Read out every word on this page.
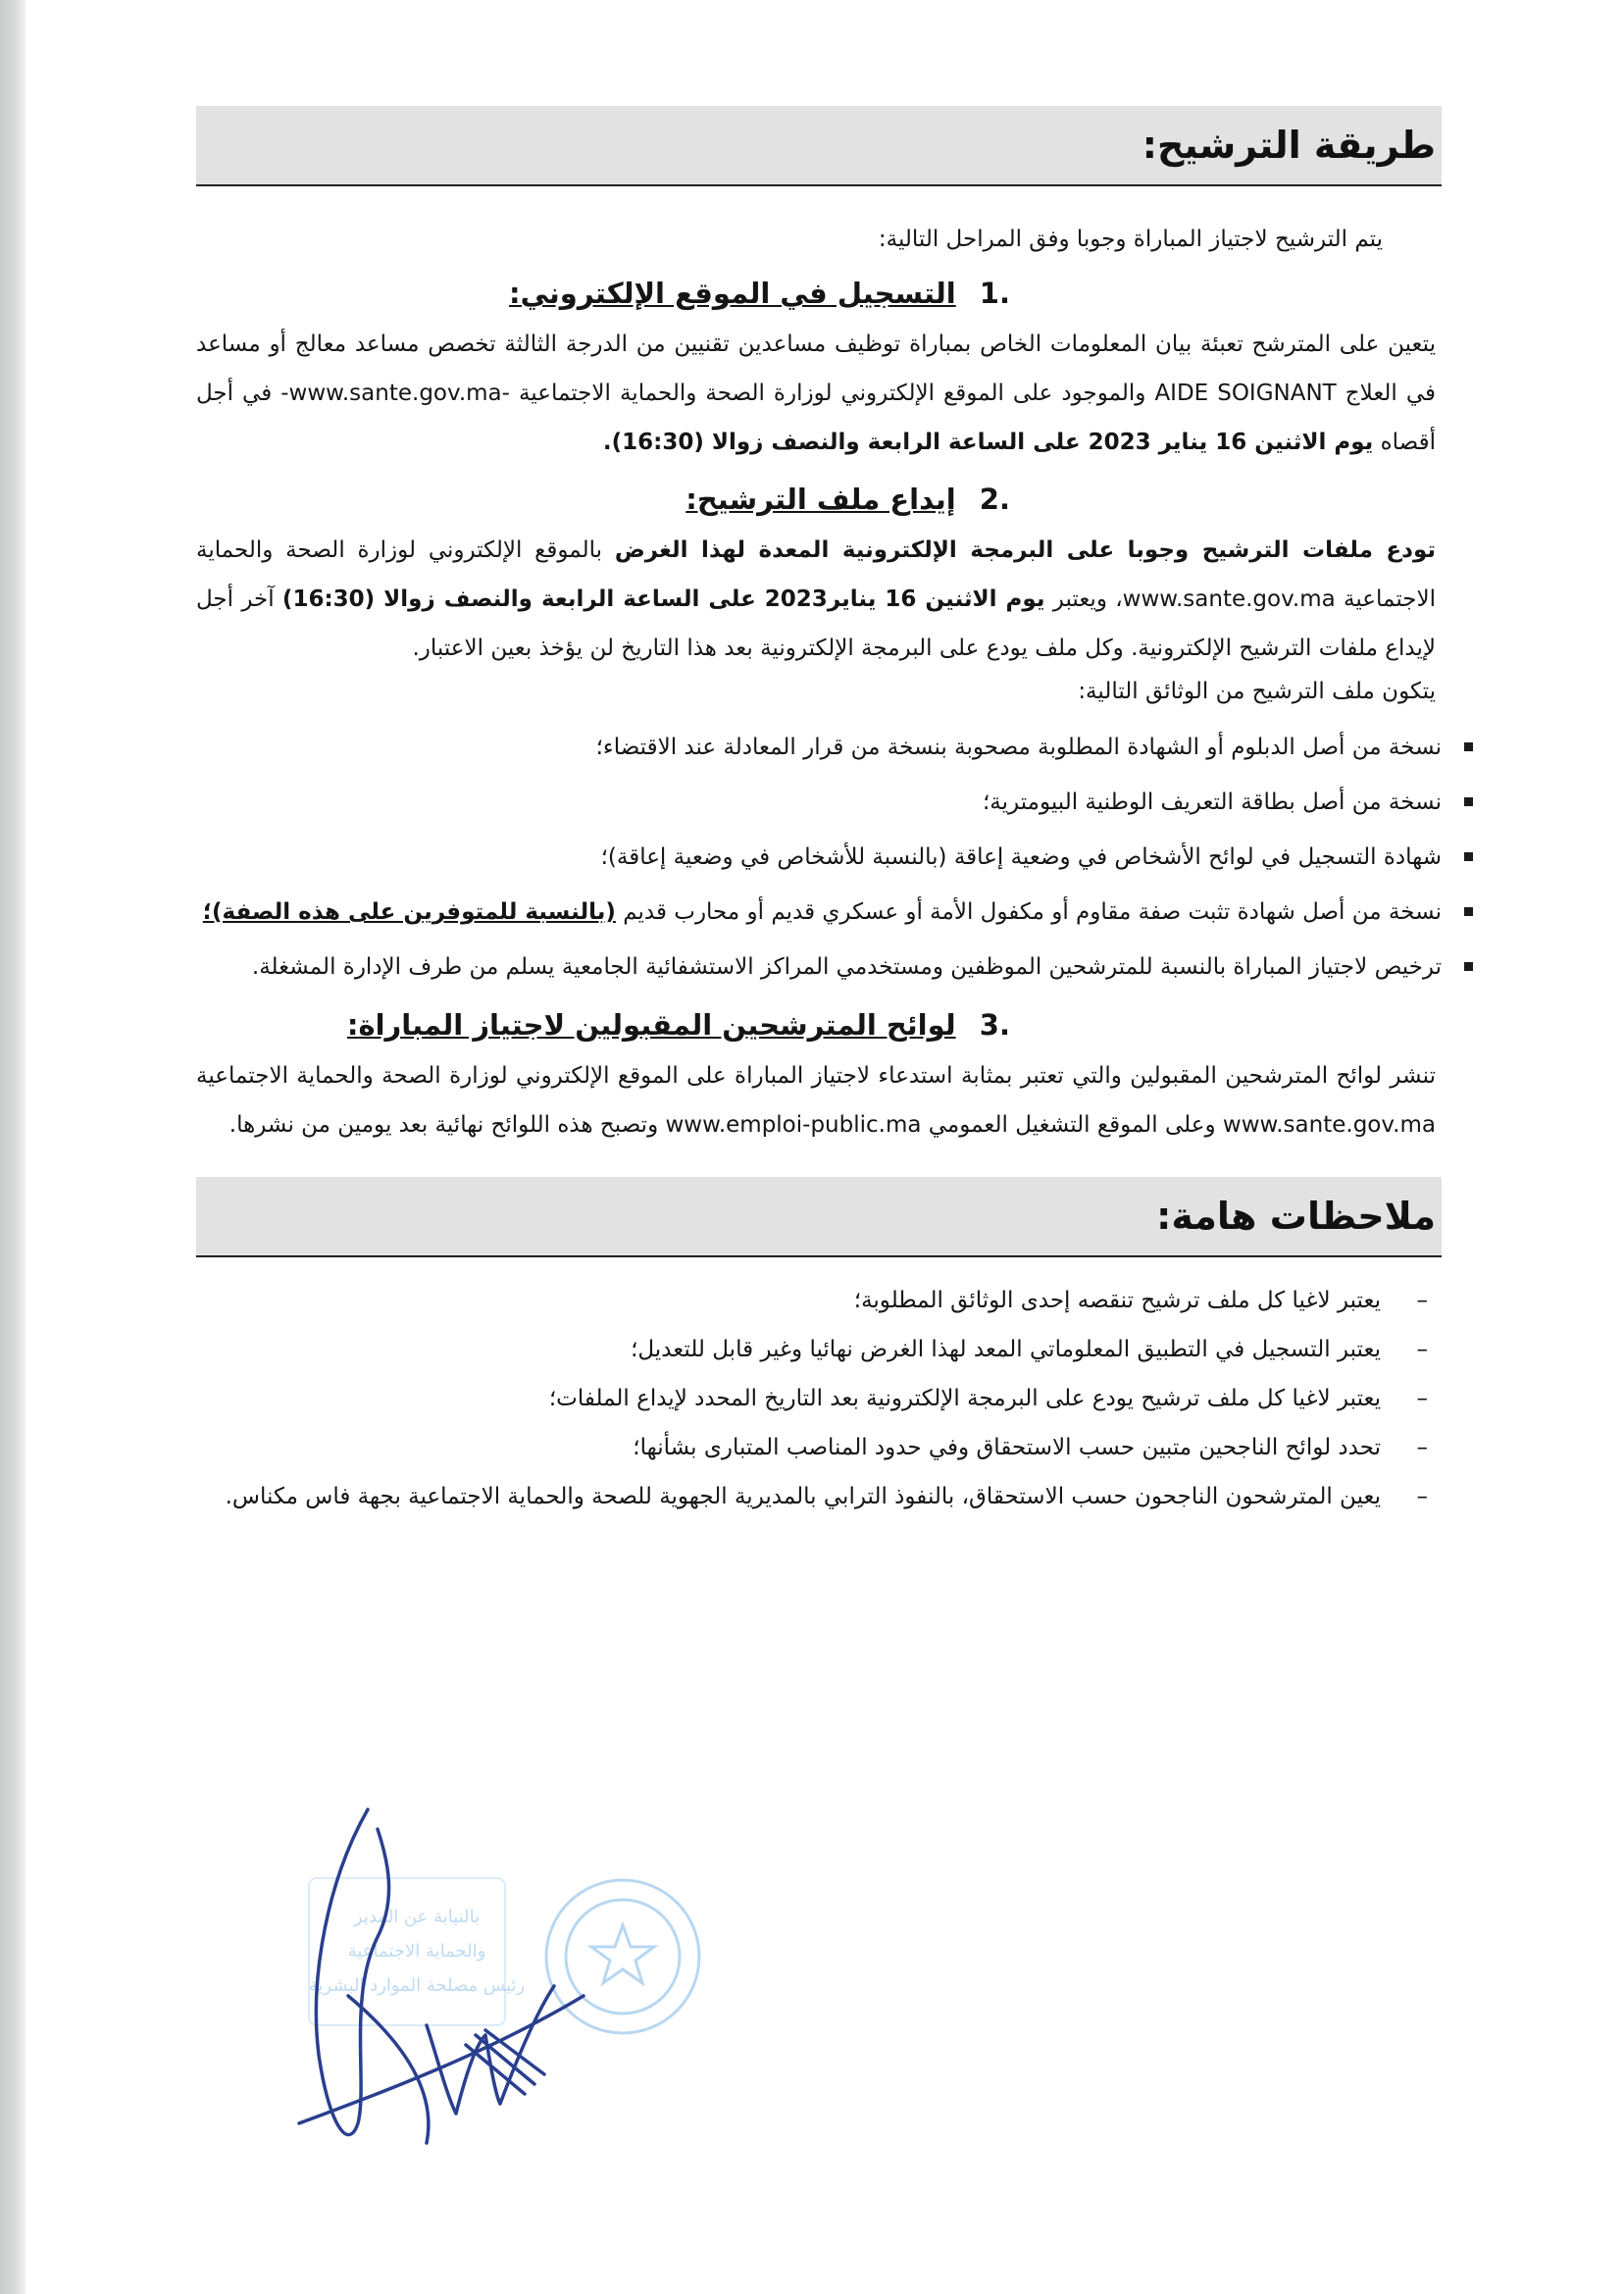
طريقة الترشيح:
يتم الترشيح لاجتياز المباراة وجوبا وفق المراحل التالية:
.1 التسجيل في الموقع الإلكتروني:

يتعين على المترشح تعبئة بيان المعلومات الخاص بمباراة توظيف مساعدين تقنيين من الدرجة الثالثة تخصص مساعد معالج أو مساعد في العلاج AIDE SOIGNANT والموجود على الموقع الإلكتروني لوزارة الصحة والحماية الاجتماعية -www.sante.gov.ma- في أجل أقصاه يوم الاثنين 16 يناير 2023 على الساعة الرابعة والنصف زوالا (16:30).

.2 إيداع ملف الترشيح:

تودع ملفات الترشيح وجوبا على البرمجة الإلكترونية المعدة لهذا الغرض بالموقع الإلكتروني لوزارة الصحة والحماية الاجتماعية www.sante.gov.ma، ويعتبر يوم الاثنين 16 يناير2023 على الساعة الرابعة والنصف زوالا (16:30) آخر أجل لإيداع ملفات الترشيح الإلكترونية. وكل ملف يودع على البرمجة الإلكترونية بعد هذا التاريخ لن يؤخذ بعين الاعتبار.

يتكون ملف الترشيح من الوثائق التالية:

نسخة من أصل الدبلوم أو الشهادة المطلوبة مصحوبة بنسخة من قرار المعادلة عند الاقتضاء؛
نسخة من أصل بطاقة التعريف الوطنية البيومترية؛
شهادة التسجيل في لوائح الأشخاص في وضعية إعاقة (بالنسبة للأشخاص في وضعية إعاقة)؛
نسخة من أصل شهادة تثبت صفة مقاوم أو مكفول الأمة أو عسكري قديم أو محارب قديم (بالنسبة للمتوفرين على هذه الصفة)؛
ترخيص لاجتياز المباراة بالنسبة للمترشحين الموظفين ومستخدمي المراكز الاستشفائية الجامعية يسلم من طرف الإدارة المشغلة.
.3 لوائح المترشحين المقبولين لاجتياز المباراة:

تنشر لوائح المترشحين المقبولين والتي تعتبر بمثابة استدعاء لاجتياز المباراة على الموقع الإلكتروني لوزارة الصحة والحماية الاجتماعية www.sante.gov.ma وعلى الموقع التشغيل العمومي www.emploi-public.ma وتصبح هذه اللوائح نهائية بعد يومين من نشرها.

ملاحظات هامة:
–
يعتبر لاغيا كل ملف ترشيح تنقصه إحدى الوثائق المطلوبة؛
–
يعتبر التسجيل في التطبيق المعلوماتي المعد لهذا الغرض نهائيا وغير قابل للتعديل؛
–
يعتبر لاغيا كل ملف ترشيح يودع على البرمجة الإلكترونية بعد التاريخ المحدد لإيداع الملفات؛
–
تحدد لوائح الناجحين متبين حسب الاستحقاق وفي حدود المناصب المتبارى بشأنها؛
–
يعين المترشحون الناجحون حسب الاستحقاق، بالنفوذ الترابي بالمديرية الجهوية للصحة والحماية الاجتماعية بجهة فاس مكناس.
بالنيابة عن المدير
والحماية الاجتماعية
رئيس مصلحة الموارد البشرية
